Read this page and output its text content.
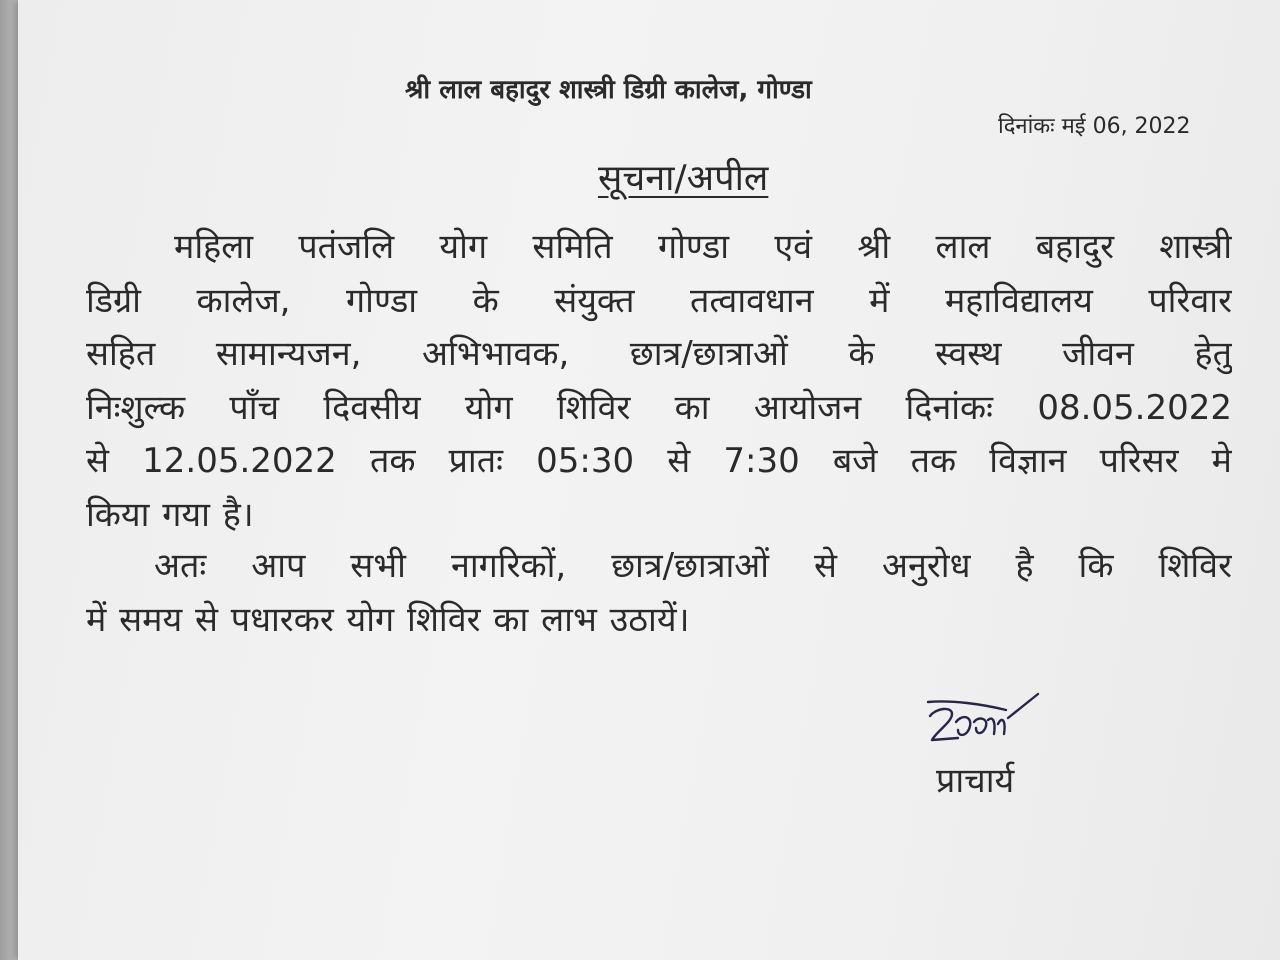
श्री लाल बहादुर शास्त्री डिग्री कालेज, गोण्डा
दिनांकः मई 06, 2022
सूचना/अपील
महिला पतंजलि योग समिति गोण्डा एवं श्री लाल बहादुर शास्त्री
डिग्री कालेज, गोण्डा के संयुक्त तत्वावधान में महाविद्यालय परिवार
सहित सामान्यजन, अभिभावक, छात्र/छात्राओं के स्वस्थ जीवन हेतु
निःशुल्क पाँच दिवसीय योग शिविर का आयोजन दिनांकः 08.05.2022
से 12.05.2022 तक प्रातः 05:30 से 7:30 बजे तक विज्ञान परिसर मे
किया गया है।
अतः आप सभी नागरिकों, छात्र/छात्राओं से अनुरोध है कि शिविर
में समय से पधारकर योग शिविर का लाभ उठायें।
प्राचार्य
